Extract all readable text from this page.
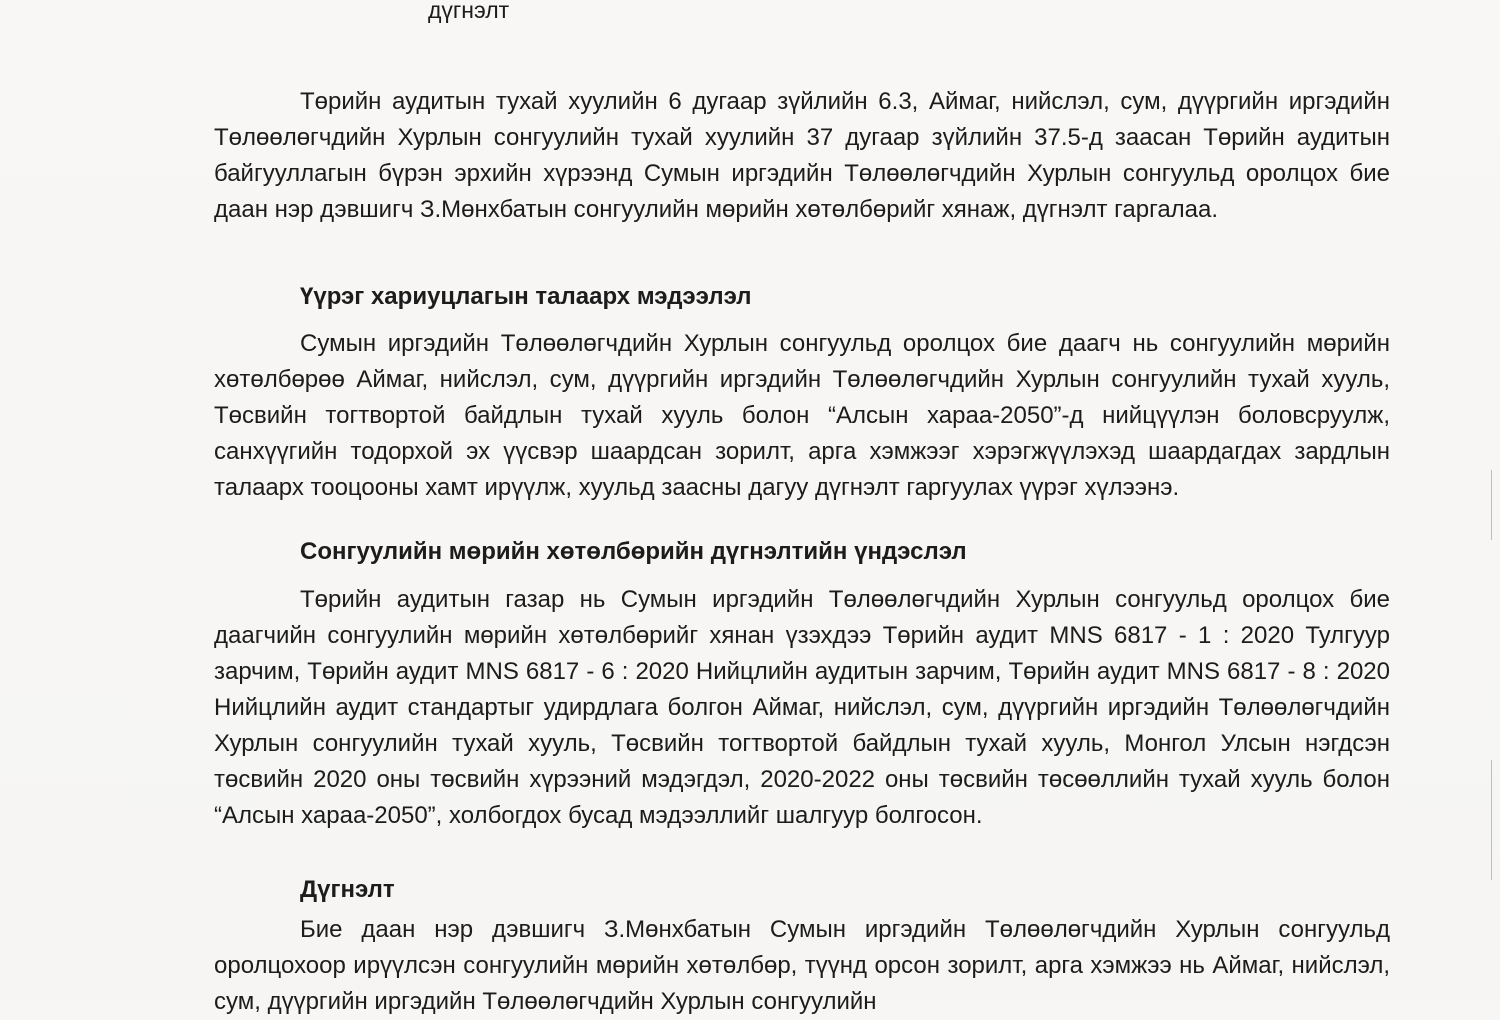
дүгнэлт
Төрийн аудитын тухай хуулийн 6 дугаар зүйлийн 6.3, Аймаг, нийслэл, сум, дүүргийн иргэдийн Төлөөлөгчдийн Хурлын сонгуулийн тухай хуулийн 37 дугаар зүйлийн 37.5-д заасан Төрийн аудитын байгууллагын бүрэн эрхийн хүрээнд Сумын иргэдийн Төлөөлөгчдийн Хурлын сонгуульд оролцох бие даан нэр дэвшигч З.Мөнхбатын сонгуулийн мөрийн хөтөлбөрийг хянаж, дүгнэлт гаргалаа.
Үүрэг хариуцлагын талаарх мэдээлэл
Сумын иргэдийн Төлөөлөгчдийн Хурлын сонгуульд оролцох бие даагч нь сонгуулийн мөрийн хөтөлбөрөө Аймаг, нийслэл, сум, дүүргийн иргэдийн Төлөөлөгчдийн Хурлын сонгуулийн тухай хууль, Төсвийн тогтвортой байдлын тухай хууль болон “Алсын хараа-2050”-д нийцүүлэн боловсруулж, санхүүгийн тодорхой эх үүсвэр шаардсан зорилт, арга хэмжээг хэрэгжүүлэхэд шаардагдах зардлын талаарх тооцооны хамт ирүүлж, хуульд заасны дагуу дүгнэлт гаргуулах үүрэг хүлээнэ.
Сонгуулийн мөрийн хөтөлбөрийн дүгнэлтийн үндэслэл
Төрийн аудитын газар нь Сумын иргэдийн Төлөөлөгчдийн Хурлын сонгуульд оролцох бие даагчийн сонгуулийн мөрийн хөтөлбөрийг хянан үзэхдээ Төрийн аудит MNS 6817 - 1 : 2020 Тулгуур зарчим, Төрийн аудит MNS 6817 - 6 : 2020 Нийцлийн аудитын зарчим, Төрийн аудит MNS 6817 - 8 : 2020 Нийцлийн аудит стандартыг удирдлага болгон Аймаг, нийслэл, сум, дүүргийн иргэдийн Төлөөлөгчдийн Хурлын сонгуулийн тухай хууль, Төсвийн тогтвортой байдлын тухай хууль, Монгол Улсын нэгдсэн төсвийн 2020 оны төсвийн хүрээний мэдэгдэл, 2020-2022 оны төсвийн төсөөллийн тухай хууль болон “Алсын хараа-2050”, холбогдох бусад мэдээллийг шалгуур болгосон.
Дүгнэлт
Бие даан нэр дэвшигч З.Мөнхбатын Сумын иргэдийн Төлөөлөгчдийн Хурлын сонгуульд оролцохоор ирүүлсэн сонгуулийн мөрийн хөтөлбөр, түүнд орсон зорилт, арга хэмжээ нь Аймаг, нийслэл, сум, дүүргийн иргэдийн Төлөөлөгчдийн Хурлын сонгуулийн
